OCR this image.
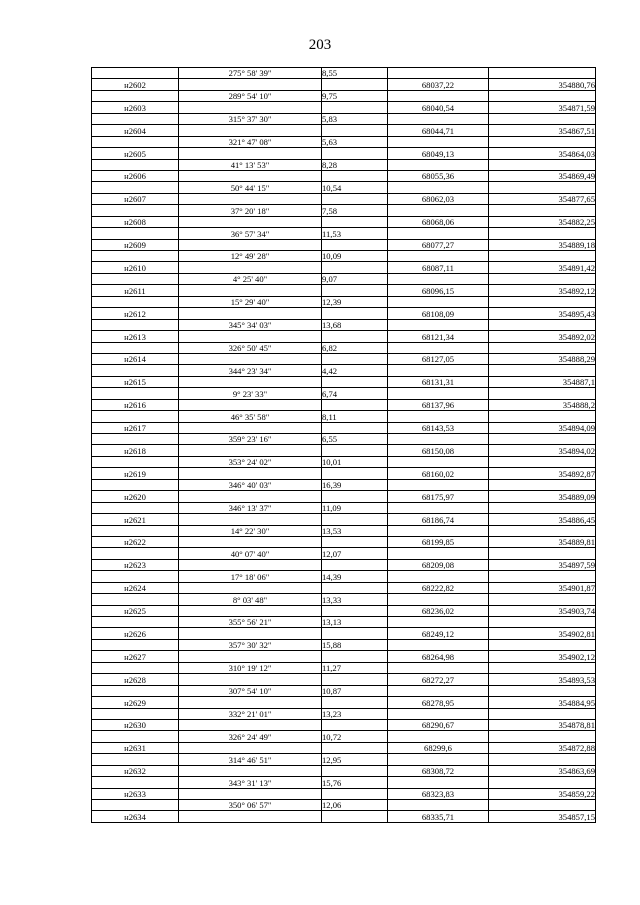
203
	275° 58' 39"	8,55		
н2602			68037,22	354880,76
	289° 54' 10"	9,75		
н2603			68040,54	354871,59
	315° 37' 30"	5,83		
н2604			68044,71	354867,51
	321° 47' 08"	5,63		
н2605			68049,13	354864,03
	41° 13' 53"	8,28		
н2606			68055,36	354869,49
	50° 44' 15"	10,54		
н2607			68062,03	354877,65
	37° 20' 18"	7,58		
н2608			68068,06	354882,25
	36° 57' 34"	11,53		
н2609			68077,27	354889,18
	12° 49' 28"	10,09		
н2610			68087,11	354891,42
	4° 25' 40"	9,07		
н2611			68096,15	354892,12
	15° 29' 40"	12,39		
н2612			68108,09	354895,43
	345° 34' 03"	13,68		
н2613			68121,34	354892,02
	326° 50' 45"	6,82		
н2614			68127,05	354888,29
	344° 23' 34"	4,42		
н2615			68131,31	354887,1
	9° 23' 33"	6,74		
н2616			68137,96	354888,2
	46° 35' 58"	8,11		
н2617			68143,53	354894,09
	359° 23' 16"	6,55		
н2618			68150,08	354894,02
	353° 24' 02"	10,01		
н2619			68160,02	354892,87
	346° 40' 03"	16,39		
н2620			68175,97	354889,09
	346° 13' 37"	11,09		
н2621			68186,74	354886,45
	14° 22' 30"	13,53		
н2622			68199,85	354889,81
	40° 07' 40"	12,07		
н2623			68209,08	354897,59
	17° 18' 06"	14,39		
н2624			68222,82	354901,87
	8° 03' 48"	13,33		
н2625			68236,02	354903,74
	355° 56' 21"	13,13		
н2626			68249,12	354902,81
	357° 30' 32"	15,88		
н2627			68264,98	354902,12
	310° 19' 12"	11,27		
н2628			68272,27	354893,53
	307° 54' 10"	10,87		
н2629			68278,95	354884,95
	332° 21' 01"	13,23		
н2630			68290,67	354878,81
	326° 24' 49"	10,72		
н2631			68299,6	354872,88
	314° 46' 51"	12,95		
н2632			68308,72	354863,69
	343° 31' 13"	15,76		
н2633			68323,83	354859,22
	350° 06' 57"	12,06		
н2634			68335,71	354857,15
